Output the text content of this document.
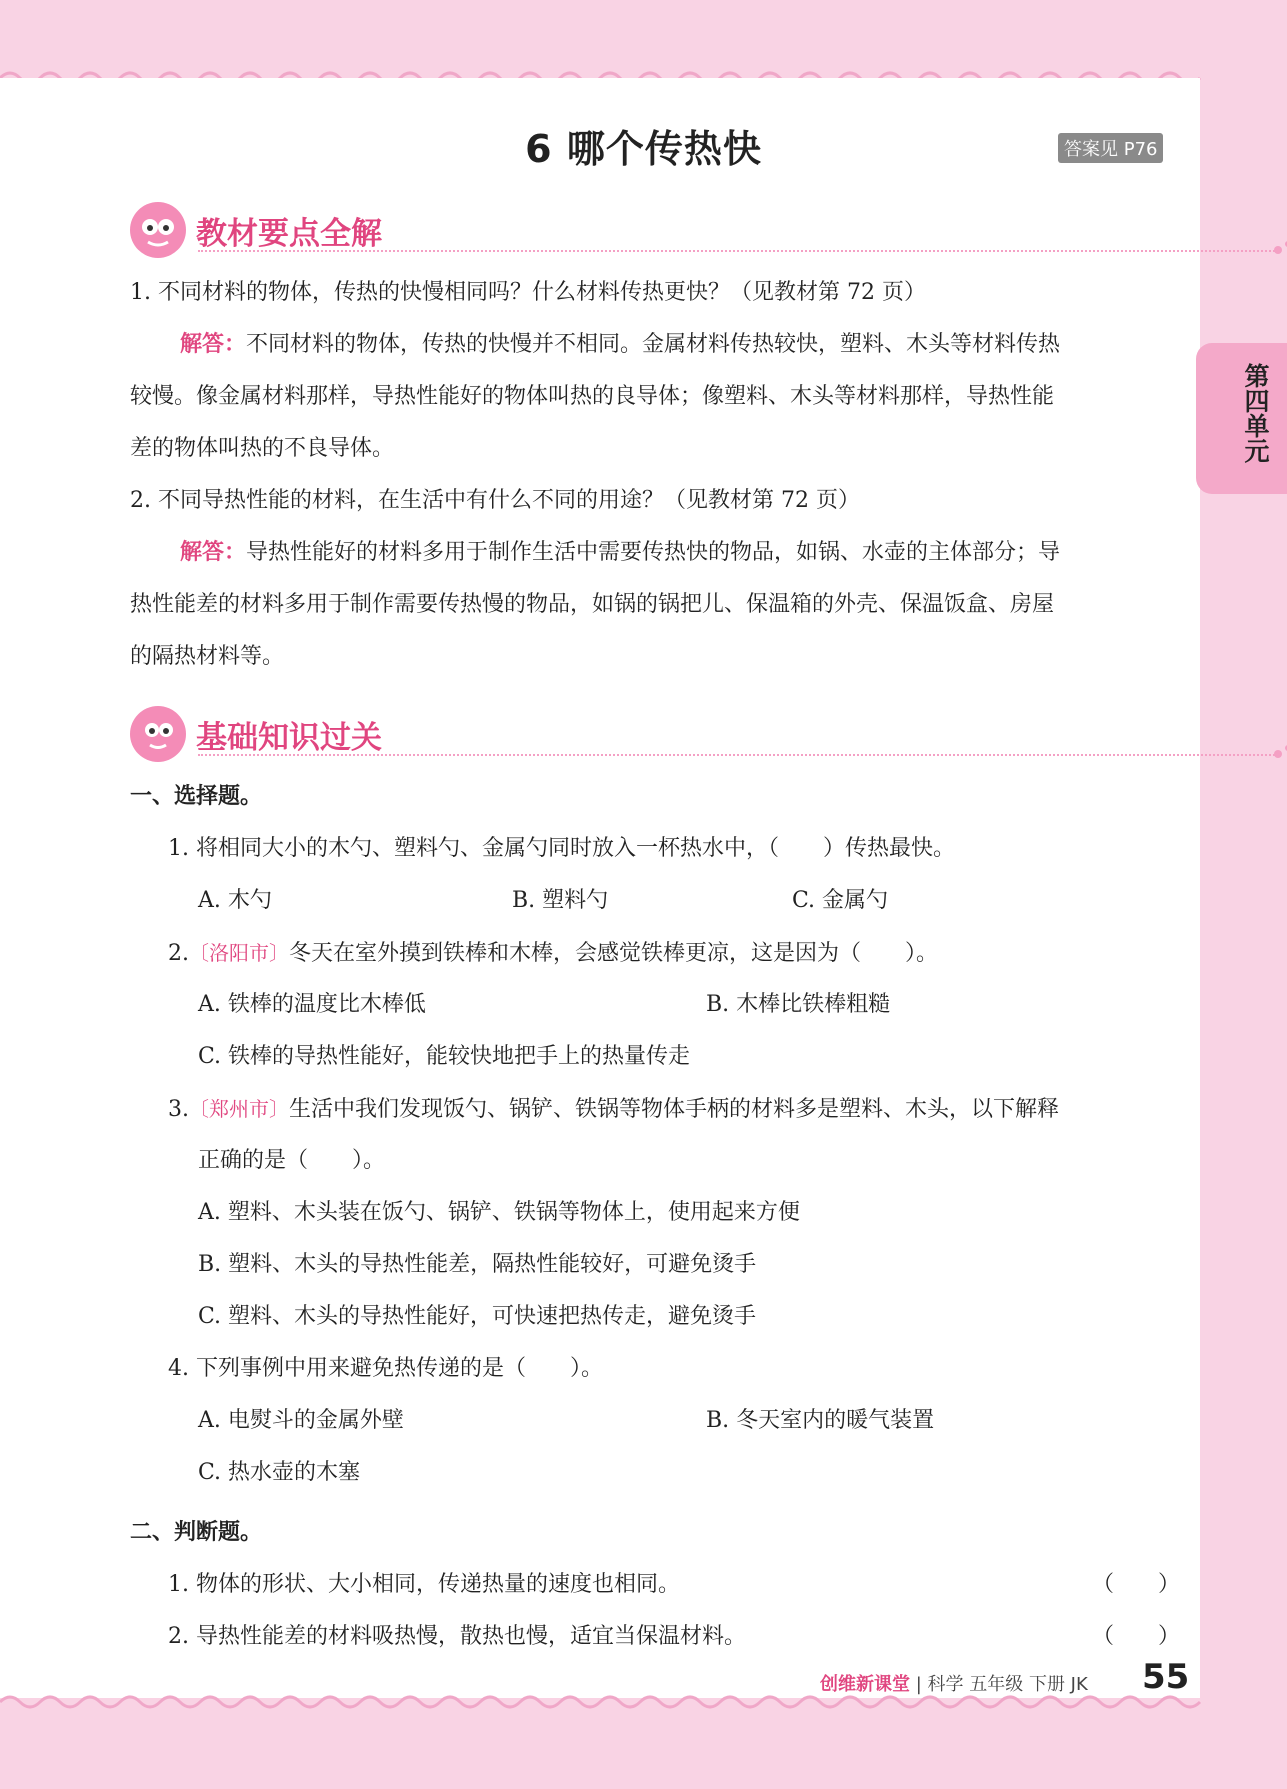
第四单元
6 哪个传热快	答案见 P76
教材要点全解
1. 不同材料的物体，传热的快慢相同吗？什么材料传热更快？（见教材第 72 页）
解答：不同材料的物体，传热的快慢并不相同。金属材料传热较快，塑料、木头等材料传热
较慢。像金属材料那样，导热性能好的物体叫热的良导体；像塑料、木头等材料那样，导热性能
差的物体叫热的不良导体。
2. 不同导热性能的材料，在生活中有什么不同的用途？（见教材第 72 页）
解答：导热性能好的材料多用于制作生活中需要传热快的物品，如锅、水壶的主体部分；导
热性能差的材料多用于制作需要传热慢的物品，如锅的锅把儿、保温箱的外壳、保温饭盒、房屋
的隔热材料等。
基础知识过关
一、选择题。
1. 将相同大小的木勺、塑料勺、金属勺同时放入一杯热水中，（　　）传热最快。
A. 木勺	B. 塑料勺	C. 金属勺
2.〔洛阳市〕冬天在室外摸到铁棒和木棒，会感觉铁棒更凉，这是因为（　　）。
A. 铁棒的温度比木棒低	B. 木棒比铁棒粗糙
C. 铁棒的导热性能好，能较快地把手上的热量传走
3.〔郑州市〕生活中我们发现饭勺、锅铲、铁锅等物体手柄的材料多是塑料、木头，以下解释
正确的是（　　）。
A. 塑料、木头装在饭勺、锅铲、铁锅等物体上，使用起来方便
B. 塑料、木头的导热性能差，隔热性能较好，可避免烫手
C. 塑料、木头的导热性能好，可快速把热传走，避免烫手
4. 下列事例中用来避免热传递的是（　　）。
A. 电熨斗的金属外壁	B. 冬天室内的暖气装置
C. 热水壶的木塞
二、判断题。
1. 物体的形状、大小相同，传递热量的速度也相同。	（　　）
2. 导热性能差的材料吸热慢，散热也慢，适宜当保温材料。	（　　）
创维新课堂 | 科学 五年级 下册 JK 55
